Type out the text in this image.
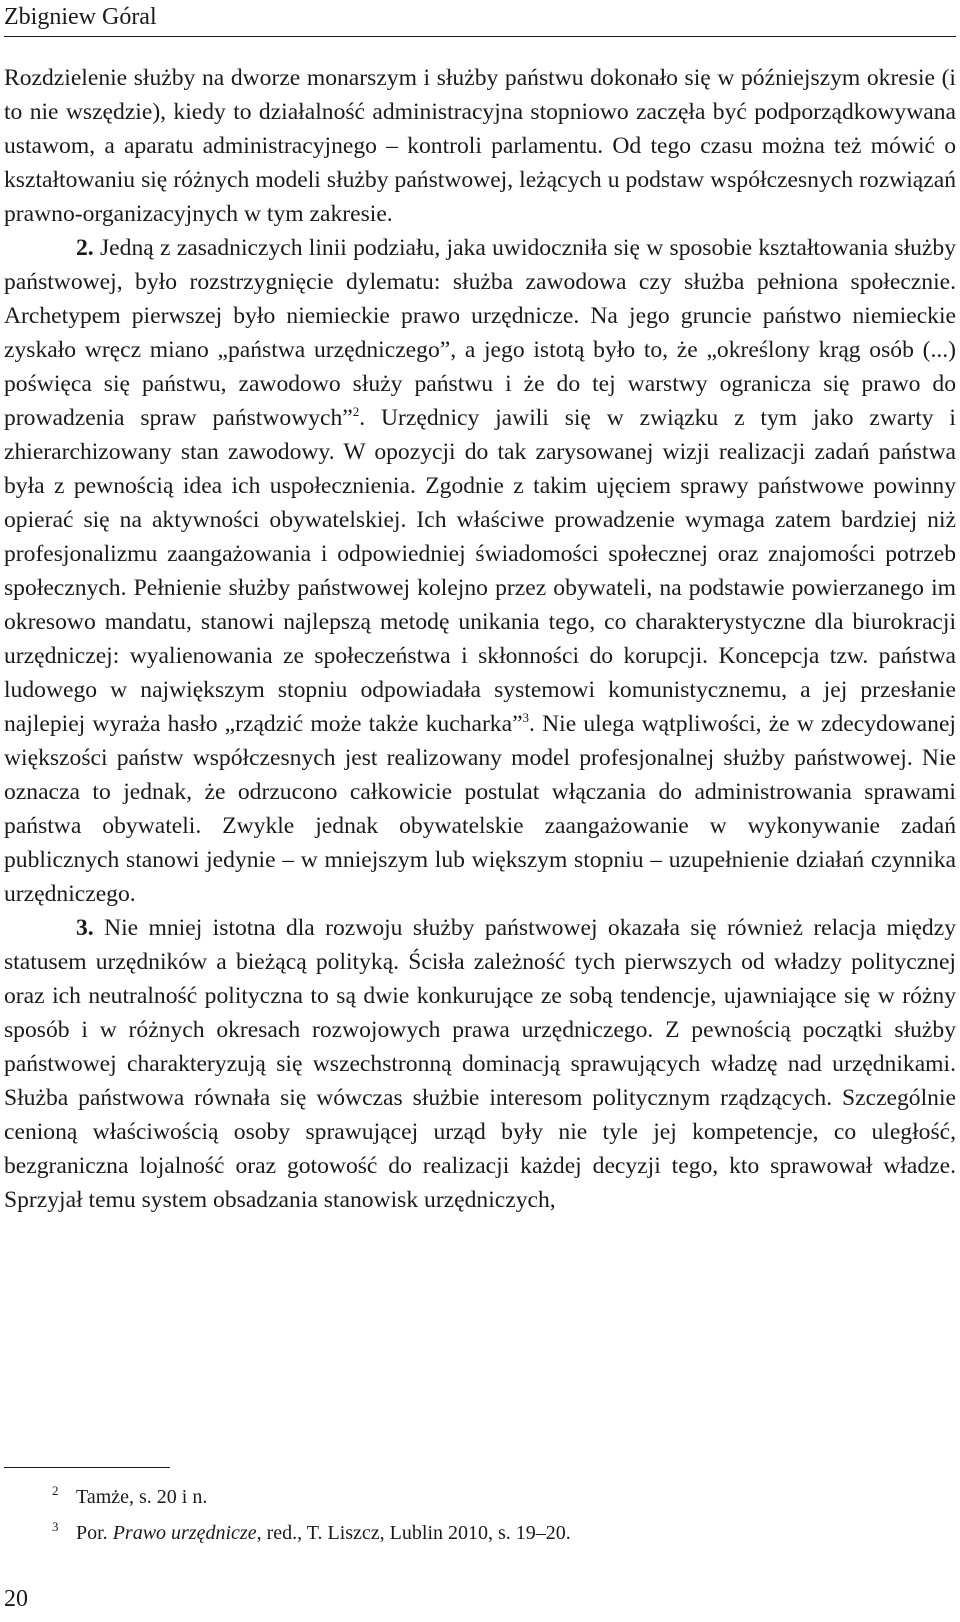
Zbigniew Góral

Rozdzielenie służby na dworze monarszym i służby państwu dokonało się w późniejszym okresie (i to nie wszędzie), kiedy to działalność administracyjna stopniowo zaczęła być podporządkowywana ustawom, a aparatu administracyjnego – kontroli parlamentu. Od tego czasu można też mówić o kształtowaniu się różnych modeli służby państwowej, leżących u podstaw współczesnych rozwiązań prawno-organizacyjnych w tym zakresie.

2. Jedną z zasadniczych linii podziału, jaka uwidoczniła się w sposobie kształtowania służby państwowej, było rozstrzygnięcie dylematu: służba zawodowa czy służba pełniona społecznie. Archetypem pierwszej było niemieckie prawo urzędnicze. Na jego gruncie państwo niemieckie zyskało wręcz miano „państwa urzędniczego”, a jego istotą było to, że „określony krąg osób (...) poświęca się państwu, zawodowo służy państwu i że do tej warstwy ogranicza się prawo do prowadzenia spraw państwowych”$^2$. Urzędnicy jawili się w związku z tym jako zwarty i zhierarchizowany stan zawodowy. W opozycji do tak zarysowanej wizji realizacji zadań państwa była z pewnością idea ich uspołecznienia. Zgodnie z takim ujęciem sprawy państwowe powinny opierać się na aktywności obywatelskiej. Ich właściwe prowadzenie wymaga zatem bardziej niż profesjonalizmu zaangażowania i odpowiedniej świadomości społecznej oraz znajomości potrzeb społecznych. Pełnienie służby państwowej kolejno przez obywateli, na podstawie powierzanego im okresowo mandatu, stanowi najlepszą metodę unikania tego, co charakterystyczne dla biurokracji urzędniczej: wyalienowania ze społeczeństwa i skłonności do korupcji. Koncepcja tzw. państwa ludowego w największym stopniu odpowiadała systemowi komunistycznemu, a jej przesłanie najlepiej wyraża hasło „rządzić może także kucharka”$^3$. Nie ulega wątpliwości, że w zdecydowanej większości państw współczesnych jest realizowany model profesjonalnej służby państwowej. Nie oznacza to jednak, że odrzucono całkowicie postulat włączania do administrowania sprawami państwa obywateli. Zwykle jednak obywatelskie zaangażowanie w wykonywanie zadań publicznych stanowi jedynie – w mniejszym lub większym stopniu – uzupełnienie działań czynnika urzędniczego.

3. Nie mniej istotna dla rozwoju służby państwowej okazała się również relacja między statusem urzędników a bieżącą polityką. Ścisła zależność tych pierwszych od władzy politycznej oraz ich neutralność polityczna to są dwie konkurujące ze sobą tendencje, ujawniające się w różny sposób i w różnych okresach rozwojowych prawa urzędniczego. Z pewnością początki służby państwowej charakteryzują się wszechstronną dominacją sprawujących władzę nad urzędnikami. Służba państwowa równała się wówczas służbie interesom politycznym rządzących. Szczególnie cenioną właściwością osoby sprawującej urząd były nie tyle jej kompetencje, co uległość, bezgraniczna lojalność oraz gotowość do realizacji każdej decyzji tego, kto sprawował władze. Sprzyjał temu system obsadzania stanowisk urzędniczych,

2 Tamże, s. 20 i n.
3 Por. Prawo urzędnicze, red., T. Liszcz, Lublin 2010, s. 19–20.
20
